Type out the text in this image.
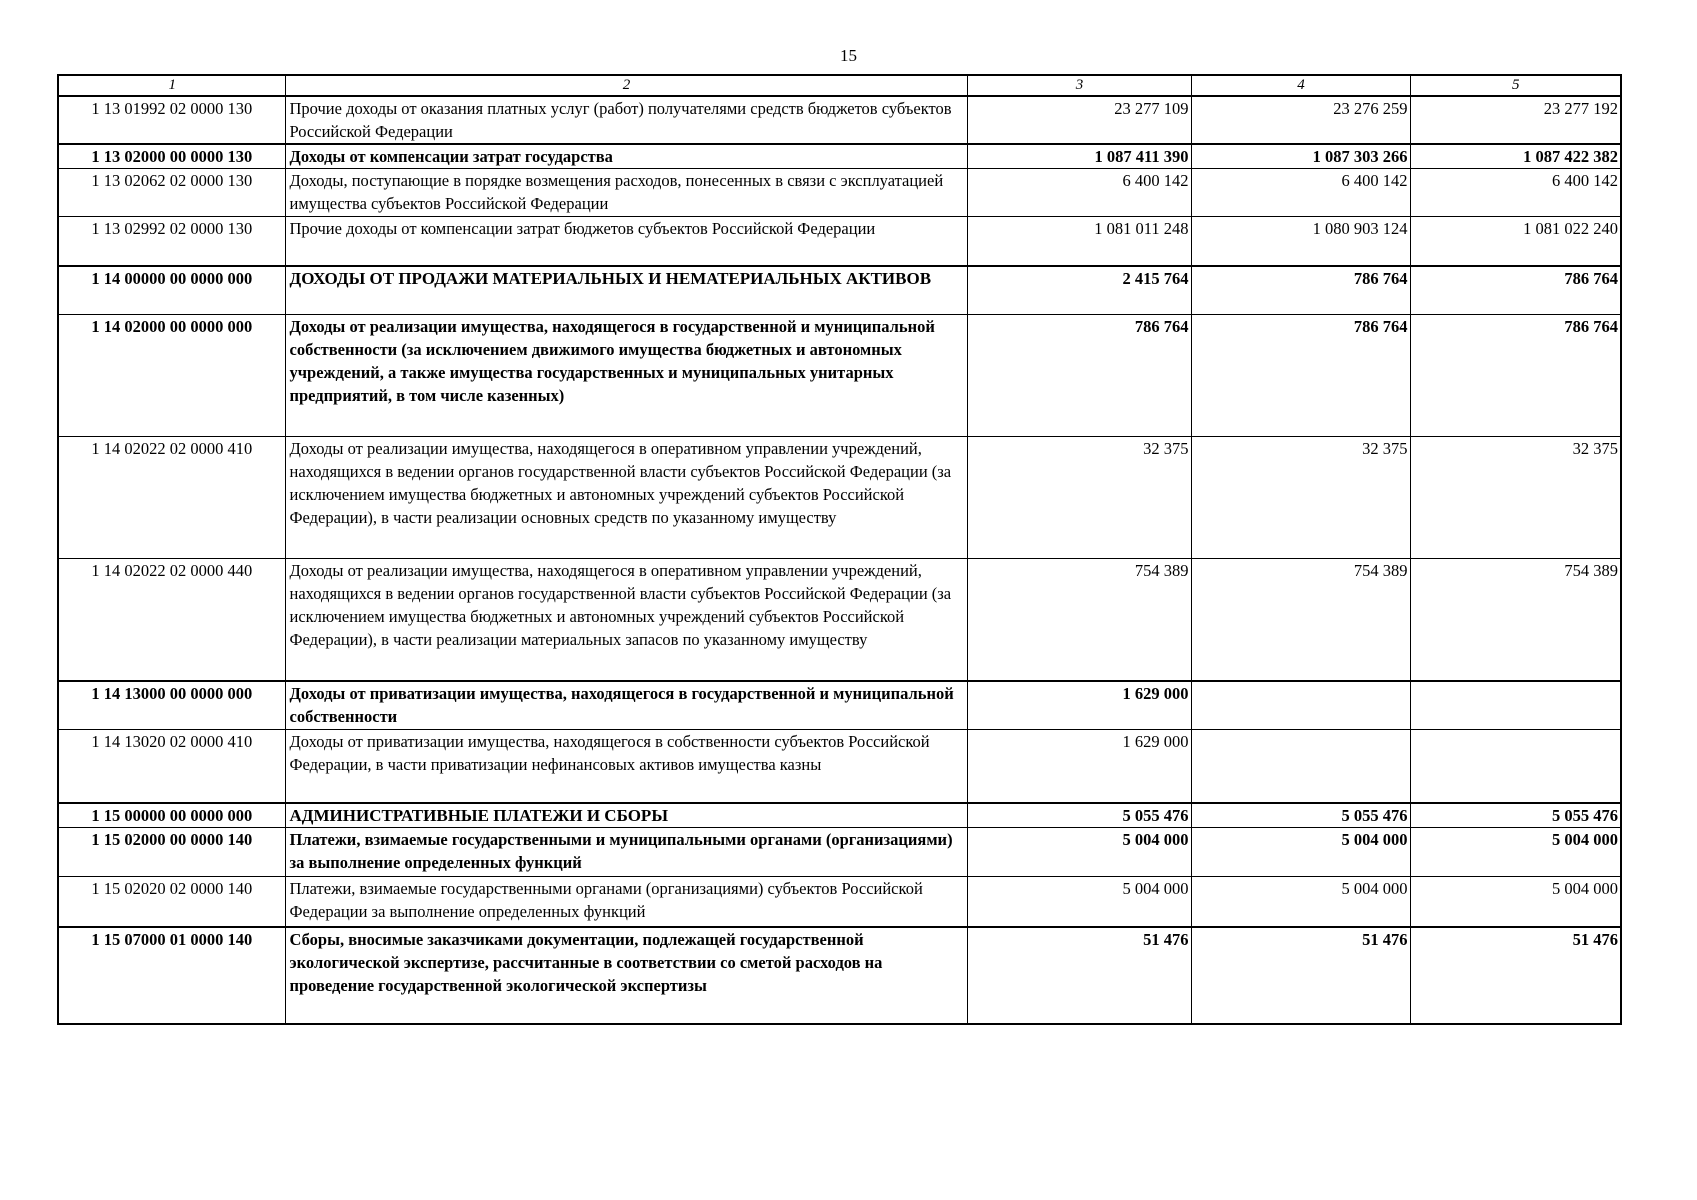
15
1	2	3	4	5
1 13 01992 02 0000 130	Прочие доходы от оказания платных услуг (работ) получателями средств бюджетов субъектов Российской Федерации	23 277 109	23 276 259	23 277 192
1 13 02000 00 0000 130	Доходы от компенсации затрат государства	1 087 411 390	1 087 303 266	1 087 422 382
1 13 02062 02 0000 130	Доходы, поступающие в порядке возмещения расходов, понесенных в связи с эксплуатацией имущества субъектов Российской Федерации	6 400 142	6 400 142	6 400 142
1 13 02992 02 0000 130	Прочие доходы от компенсации затрат бюджетов субъектов Российской Федерации	1 081 011 248	1 080 903 124	1 081 022 240
1 14 00000 00 0000 000	ДОХОДЫ ОТ ПРОДАЖИ МАТЕРИАЛЬНЫХ И НЕМАТЕРИАЛЬНЫХ АКТИВОВ	2 415 764	786 764	786 764
1 14 02000 00 0000 000	Доходы от реализации имущества, находящегося в государственной и муниципальной собственности (за исключением движимого имущества бюджетных и автономных учреждений, а также имущества государственных и муниципальных унитарных предприятий, в том числе казенных)	786 764	786 764	786 764
1 14 02022 02 0000 410	Доходы от реализации имущества, находящегося в оперативном управлении учреждений, находящихся в ведении органов государственной власти субъектов Российской Федерации (за исключением имущества бюджетных и автономных учреждений субъектов Российской Федерации), в части реализации основных средств по указанному имуществу	32 375	32 375	32 375
1 14 02022 02 0000 440	Доходы от реализации имущества, находящегося в оперативном управлении учреждений, находящихся в ведении органов государственной власти субъектов Российской Федерации (за исключением имущества бюджетных и автономных учреждений субъектов Российской Федерации), в части реализации материальных запасов по указанному имуществу	754 389	754 389	754 389
1 14 13000 00 0000 000	Доходы от приватизации имущества, находящегося в государственной и муниципальной собственности	1 629 000		
1 14 13020 02 0000 410	Доходы от приватизации имущества, находящегося в собственности субъектов Российской Федерации, в части приватизации нефинансовых активов имущества казны	1 629 000		
1 15 00000 00 0000 000	АДМИНИСТРАТИВНЫЕ ПЛАТЕЖИ И СБОРЫ	5 055 476	5 055 476	5 055 476
1 15 02000 00 0000 140	Платежи, взимаемые государственными и муниципальными органами (организациями) за выполнение определенных функций	5 004 000	5 004 000	5 004 000
1 15 02020 02 0000 140	Платежи, взимаемые государственными органами (организациями) субъектов Российской Федерации за выполнение определенных функций	5 004 000	5 004 000	5 004 000
1 15 07000 01 0000 140	Сборы, вносимые заказчиками документации, подлежащей государственной экологической экспертизе, рассчитанные в соответствии со сметой расходов на проведение государственной экологической экспертизы	51 476	51 476	51 476
